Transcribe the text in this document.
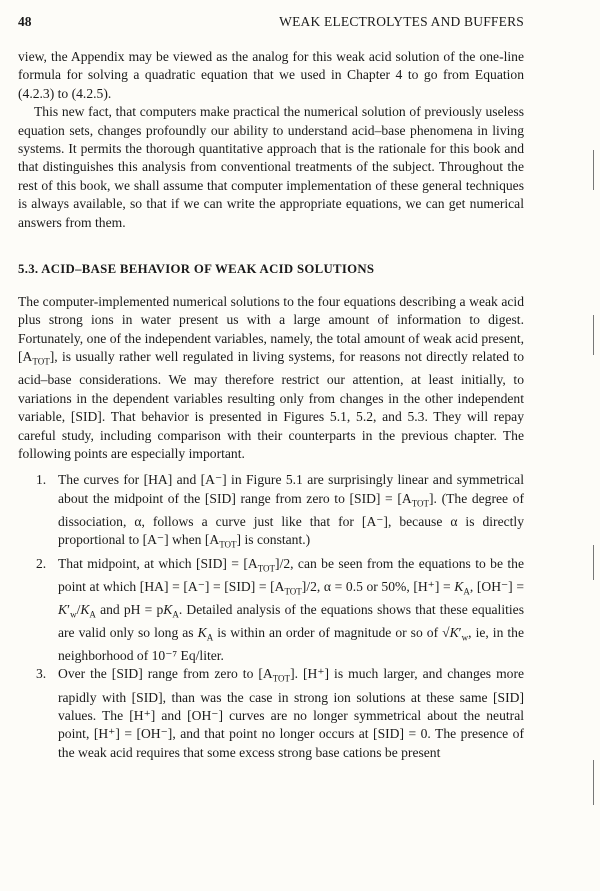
48	WEAK ELECTROLYTES AND BUFFERS

view, the Appendix may be viewed as the analog for this weak acid solution of the one-line formula for solving a quadratic equation that we used in Chapter 4 to go from Equation (4.2.3) to (4.2.5).

This new fact, that computers make practical the numerical solution of previously useless equation sets, changes profoundly our ability to understand acid–base phenomena in living systems. It permits the thorough quantitative approach that is the rationale for this book and that distinguishes this analysis from conventional treatments of the subject. Throughout the rest of this book, we shall assume that computer implementation of these general techniques is always available, so that if we can write the appropriate equations, we can get numerical answers from them.

5.3. ACID–BASE BEHAVIOR OF WEAK ACID SOLUTIONS

The computer-implemented numerical solutions to the four equations describing a weak acid plus strong ions in water present us with a large amount of information to digest. Fortunately, one of the independent variables, namely, the total amount of weak acid present, $[A_{TOT}]$, is usually rather well regulated in living systems, for reasons not directly related to acid–base considerations. We may therefore restrict our attention, at least initially, to variations in the dependent variables resulting only from changes in the other independent variable, [SID]. That behavior is presented in Figures 5.1, 5.2, and 5.3. They will repay careful study, including comparison with their counterparts in the previous chapter. The following points are especially important.

1. The curves for [HA] and [A⁻] in Figure 5.1 are surprisingly linear and symmetrical about the midpoint of the [SID] range from zero to $[SID] = [A_{TOT}]$. (The degree of dissociation, α, follows a curve just like that for [A⁻], because α is directly proportional to [A⁻] when $[A_{TOT}]$ is constant.)
2. That midpoint, at which $[SID] = [A_{TOT}]/2$, can be seen from the equations to be the point at which $[HA] = [A^-] = [SID] = [A_{TOT}]/2$, α = 0.5 or 50%, $[H^+] = K_A$, $[OH^-] = K'_w/K_A$ and pH = $pK_A$. Detailed analysis of the equations shows that these equalities are valid only so long as $K_A$ is within an order of magnitude or so of $√K'_w$, ie, in the neighborhood of 10⁻⁷ Eq/liter.
3. Over the [SID] range from zero to $[A_{TOT}]$. [H⁺] is much larger, and changes more rapidly with [SID], than was the case in strong ion solutions at these same [SID] values. The [H⁺] and [OH⁻] curves are no longer symmetrical about the neutral point, [H⁺] = [OH⁻], and that point no longer occurs at [SID] = 0. The presence of the weak acid requires that some excess strong base cations be present
